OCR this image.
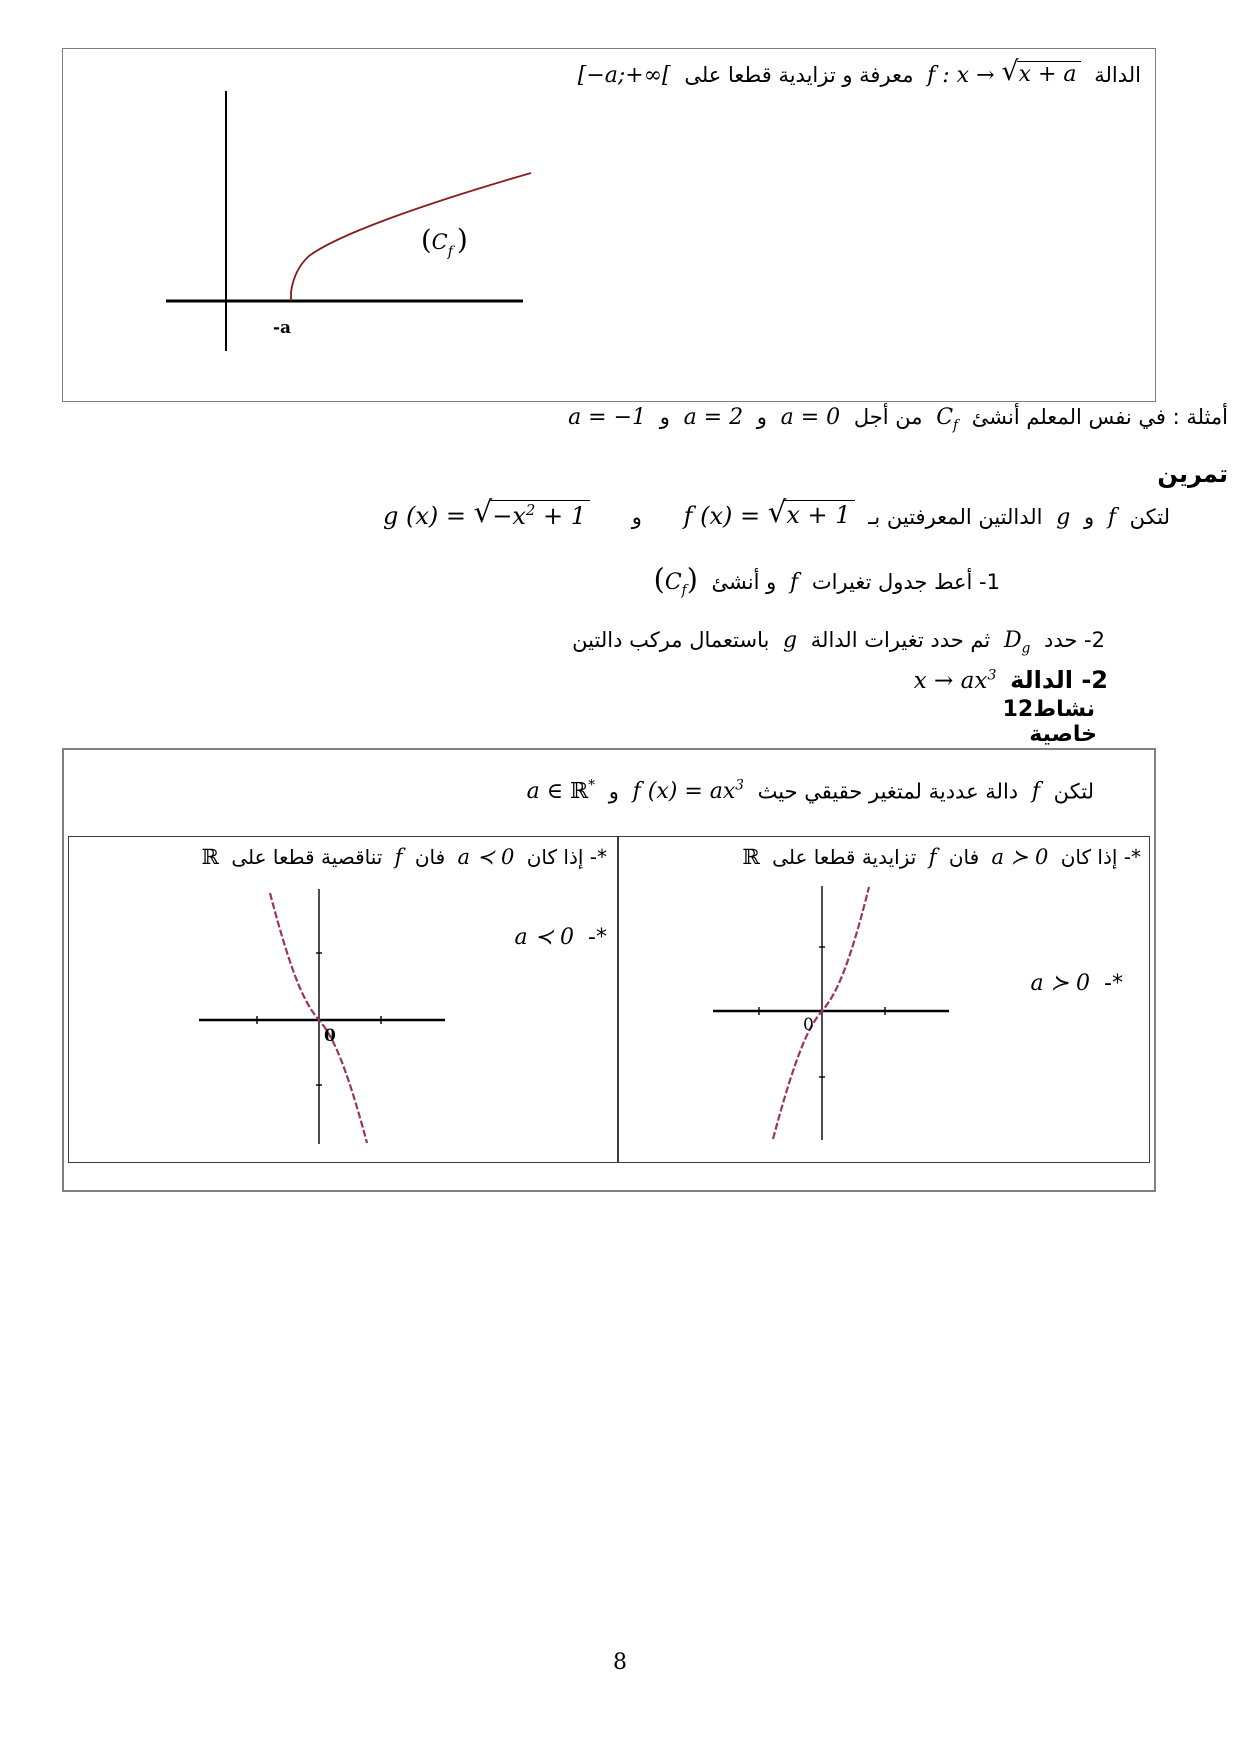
الدالة f : x → √ x + a
معرفة و تزايدية قطعا على [−a;+∞[
-a
($C_f$ )
أمثلة : في نفس المعلم أنشئ $C_f$ من أجل a = 0 و a = 2 و a = −1
تمرين
لتكن f و g الدالتين المعرفتين بـ f (x) = √ x + 1
و g (x) = √ $-x^2 + 1$
1- أعط جدول تغيرات f و أنشئ $(C_f)$
2- حدد $D_g$ ثم حدد تغيرات الدالة g باستعمال مركب دالتين
2- الدالة $x \to ax^3$
نشاط12
خاصية
لتكن f دالة عددية لمتغير حقيقي حيث f $(x) = ax^3$ و a ∈ ℝ*
*- إذا كان a ≺ 0 فان f تناقصية قطعا على ℝ
*- a ≺ 0
0
*- إذا كان a ≻ 0 فان f تزايدية قطعا على ℝ
*- a ≻ 0
0
8
